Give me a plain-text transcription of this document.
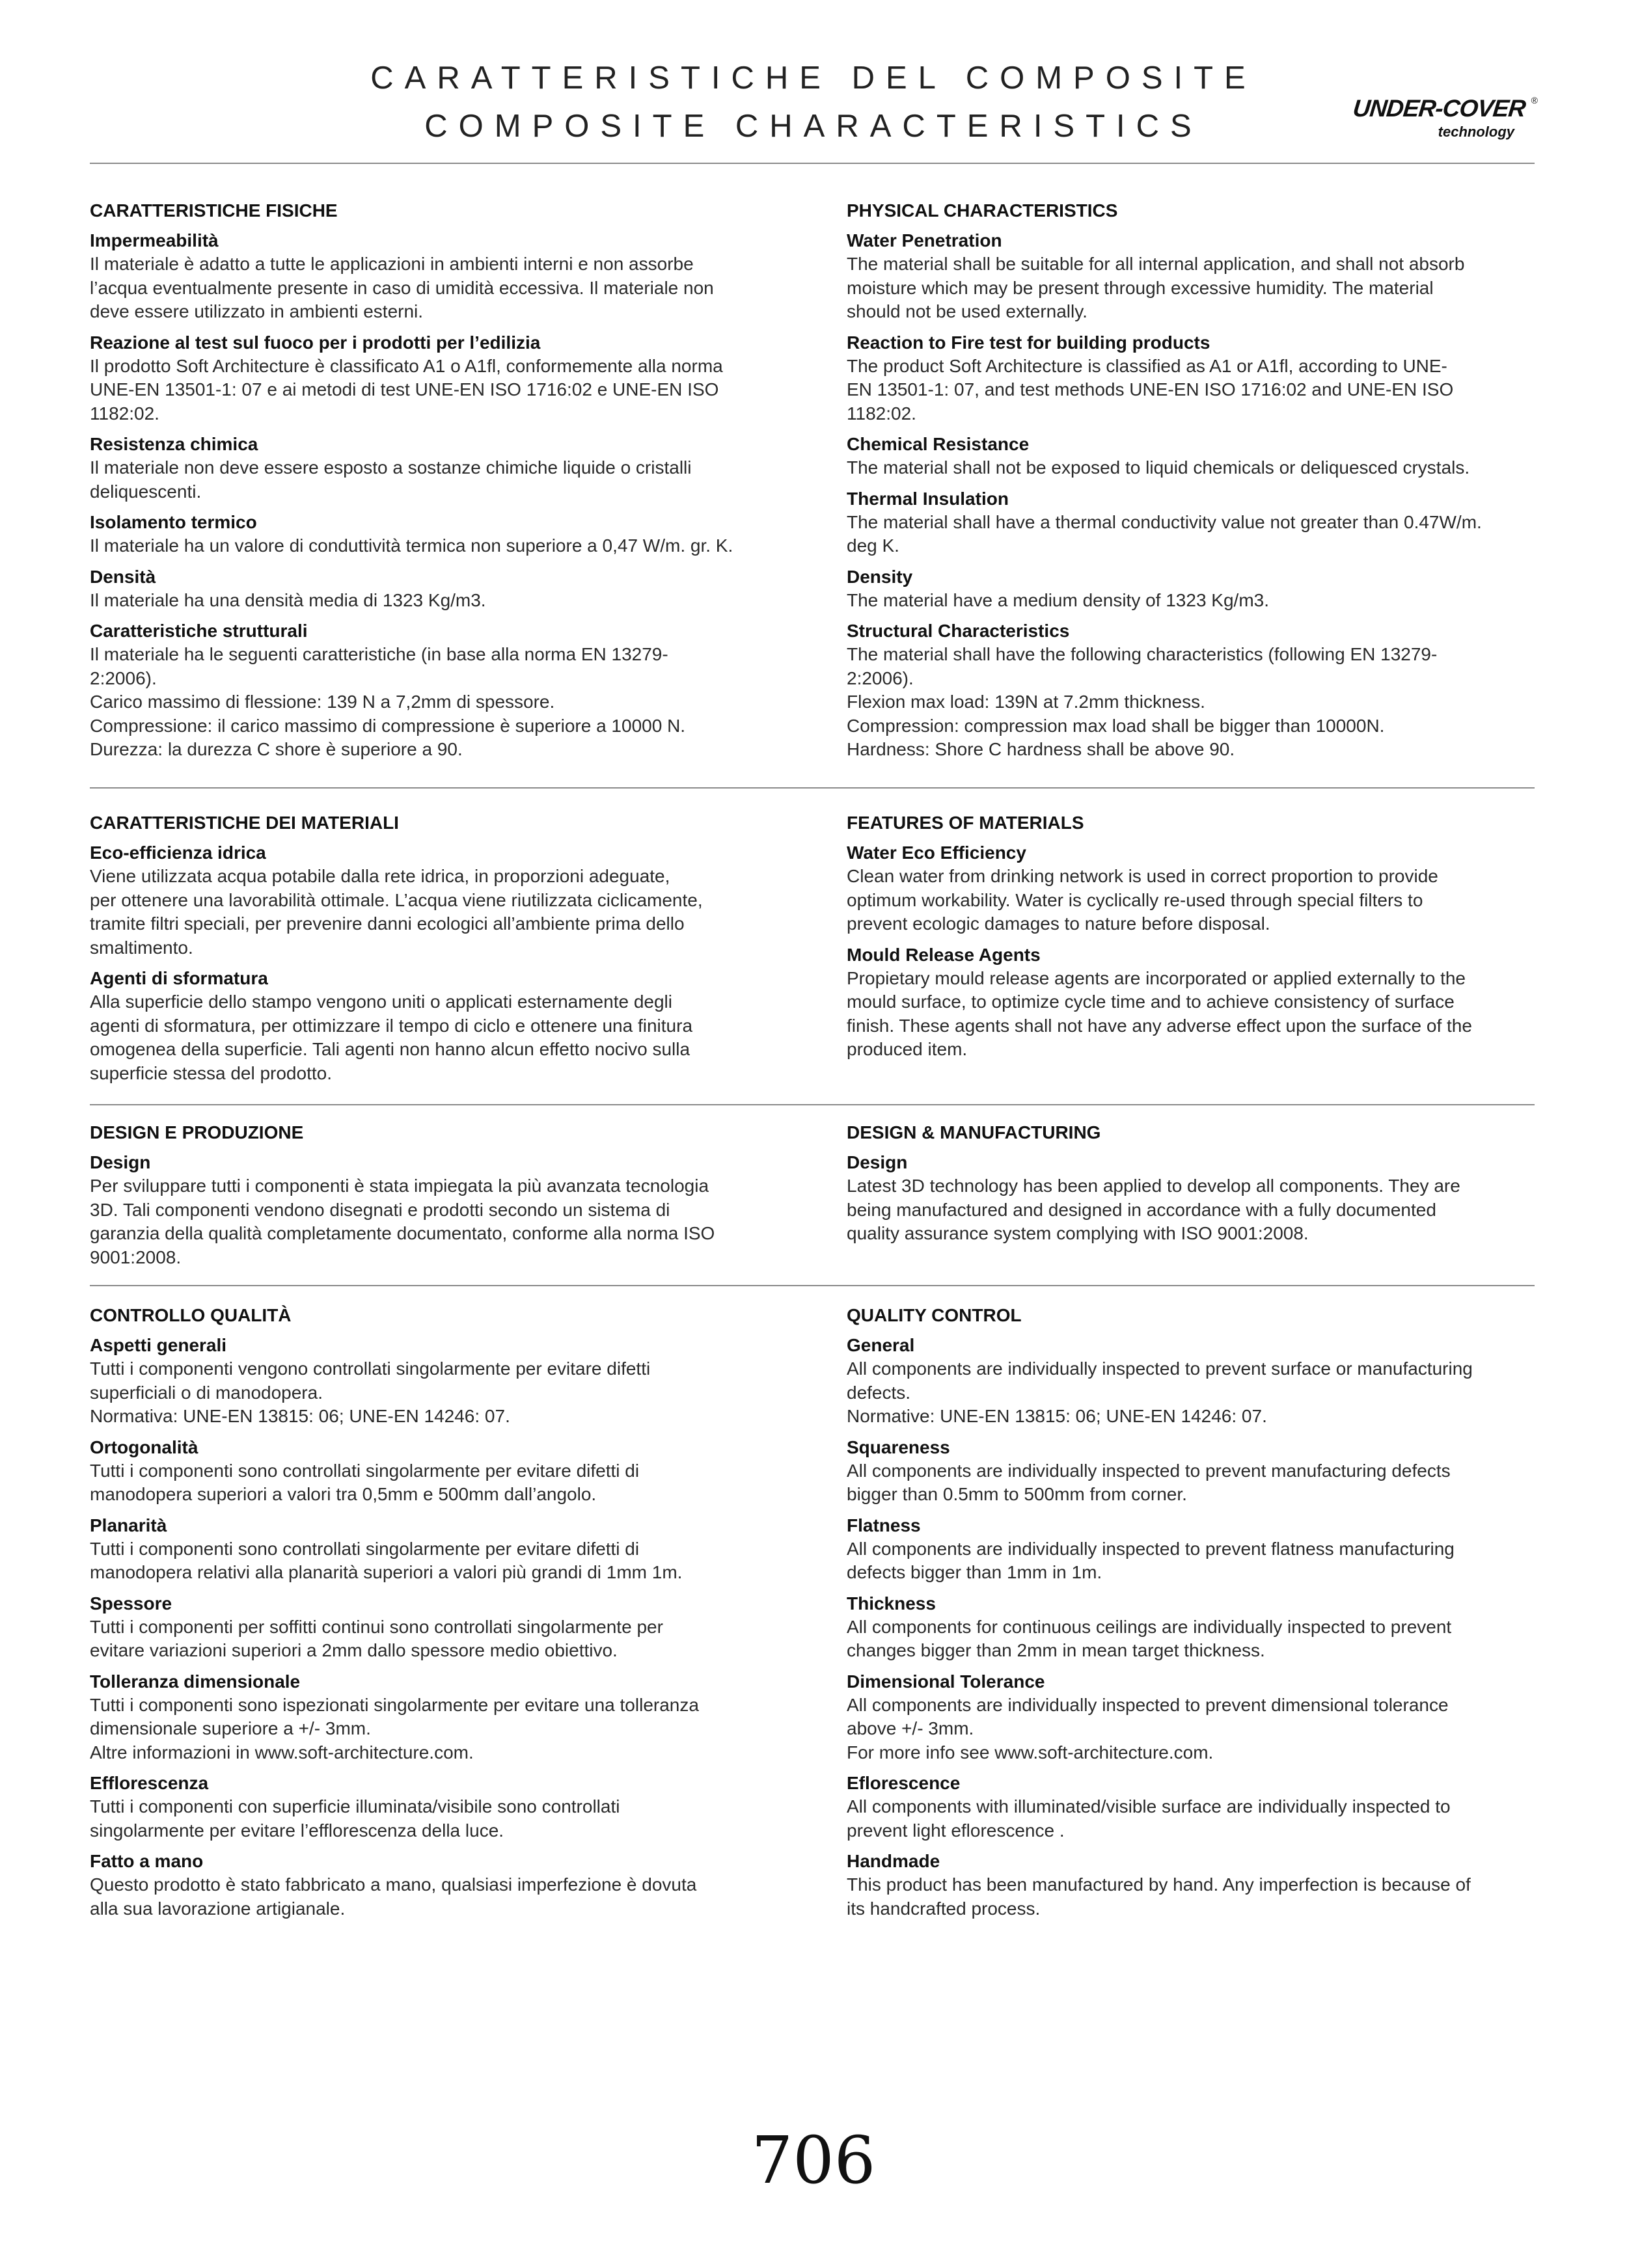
CARATTERISTICHE DEL COMPOSITE
COMPOSITE CHARACTERISTICS
UNDER-COVER ®
technology
CARATTERISTICHE FISICHE
Impermeabilità
Il materiale è adatto a tutte le applicazioni in ambienti interni e non assorbe
l’acqua eventualmente presente in caso di umidità eccessiva. Il materiale non
deve essere utilizzato in ambienti esterni.
Reazione al test sul fuoco per i prodotti per l’edilizia
Il prodotto Soft Architecture è classificato A1 o A1fl, conformemente alla norma
UNE-EN 13501-1: 07 e ai metodi di test UNE-EN ISO 1716:02 e UNE-EN ISO
1182:02.
Resistenza chimica
Il materiale non deve essere esposto a sostanze chimiche liquide o cristalli
deliquescenti.
Isolamento termico
Il materiale ha un valore di conduttività termica non superiore a 0,47 W/m. gr. K.
Densità
Il materiale ha una densità media di 1323 Kg/m3.
Caratteristiche strutturali
Il materiale ha le seguenti caratteristiche (in base alla norma EN 13279-
2:2006).
Carico massimo di flessione: 139 N a 7,2mm di spessore.
Compressione: il carico massimo di compressione è superiore a 10000 N.
Durezza: la durezza C shore è superiore a 90.
PHYSICAL CHARACTERISTICS
Water Penetration
The material shall be suitable for all internal application, and shall not absorb
moisture which may be present through excessive humidity. The material
should not be used externally.
Reaction to Fire test for building products
The product Soft Architecture is classified as A1 or A1fl, according to UNE-
EN 13501-1: 07, and test methods UNE-EN ISO 1716:02 and UNE-EN ISO
1182:02.
Chemical Resistance
The material shall not be exposed to liquid chemicals or deliquesced crystals.
Thermal Insulation
The material shall have a thermal conductivity value not greater than 0.47W/m.
deg K.
Density
The material have a medium density of 1323 Kg/m3.
Structural Characteristics
The material shall have the following characteristics (following EN 13279-
2:2006).
Flexion max load: 139N at 7.2mm thickness.
Compression: compression max load shall be bigger than 10000N.
Hardness: Shore C hardness shall be above 90.
CARATTERISTICHE DEI MATERIALI
Eco-efficienza idrica
Viene utilizzata acqua potabile dalla rete idrica, in proporzioni adeguate,
per ottenere una lavorabilità ottimale. L’acqua viene riutilizzata ciclicamente,
tramite filtri speciali, per prevenire danni ecologici all’ambiente prima dello
smaltimento.
Agenti di sformatura
Alla superficie dello stampo vengono uniti o applicati esternamente degli
agenti di sformatura, per ottimizzare il tempo di ciclo e ottenere una finitura
omogenea della superficie. Tali agenti non hanno alcun effetto nocivo sulla
superficie stessa del prodotto.
FEATURES OF MATERIALS
Water Eco Efficiency
Clean water from drinking network is used in correct proportion to provide
optimum workability. Water is cyclically re-used through special filters to
prevent ecologic damages to nature before disposal.
Mould Release Agents
Propietary mould release agents are incorporated or applied externally to the
mould surface, to optimize cycle time and to achieve consistency of surface
finish. These agents shall not have any adverse effect upon the surface of the
produced item.
DESIGN E PRODUZIONE
Design
Per sviluppare tutti i componenti è stata impiegata la più avanzata tecnologia
3D. Tali componenti vendono disegnati e prodotti secondo un sistema di
garanzia della qualità completamente documentato, conforme alla norma ISO
9001:2008.
DESIGN & MANUFACTURING
Design
Latest 3D technology has been applied to develop all components. They are
being manufactured and designed in accordance with a fully documented
quality assurance system complying with ISO 9001:2008.
CONTROLLO QUALITÀ
Aspetti generali
Tutti i componenti vengono controllati singolarmente per evitare difetti
superficiali o di manodopera.
Normativa: UNE-EN 13815: 06; UNE-EN 14246: 07.
Ortogonalità
Tutti i componenti sono controllati singolarmente per evitare difetti di
manodopera superiori a valori tra 0,5mm e 500mm dall’angolo.
Planarità
Tutti i componenti sono controllati singolarmente per evitare difetti di
manodopera relativi alla planarità superiori a valori più grandi di 1mm 1m.
Spessore
Tutti i componenti per soffitti continui sono controllati singolarmente per
evitare variazioni superiori a 2mm dallo spessore medio obiettivo.
Tolleranza dimensionale
Tutti i componenti sono ispezionati singolarmente per evitare una tolleranza
dimensionale superiore a +/- 3mm.
Altre informazioni in www.soft-architecture.com.
Efflorescenza
Tutti i componenti con superficie illuminata/visibile sono controllati
singolarmente per evitare l’efflorescenza della luce.
Fatto a mano
Questo prodotto è stato fabbricato a mano, qualsiasi imperfezione è dovuta
alla sua lavorazione artigianale.
QUALITY CONTROL
General
All components are individually inspected to prevent surface or manufacturing
defects.
Normative: UNE-EN 13815: 06; UNE-EN 14246: 07.
Squareness
All components are individually inspected to prevent manufacturing defects
bigger than 0.5mm to 500mm from corner.
Flatness
All components are individually inspected to prevent flatness manufacturing
defects bigger than 1mm in 1m.
Thickness
All components for continuous ceilings are individually inspected to prevent
changes bigger than 2mm in mean target thickness.
Dimensional Tolerance
All components are individually inspected to prevent dimensional tolerance
above +/- 3mm.
For more info see www.soft-architecture.com.
Eflorescence
All components with illuminated/visible surface are individually inspected to
prevent light eflorescence .
Handmade
This product has been manufactured by hand. Any imperfection is because of
its handcrafted process.
706
